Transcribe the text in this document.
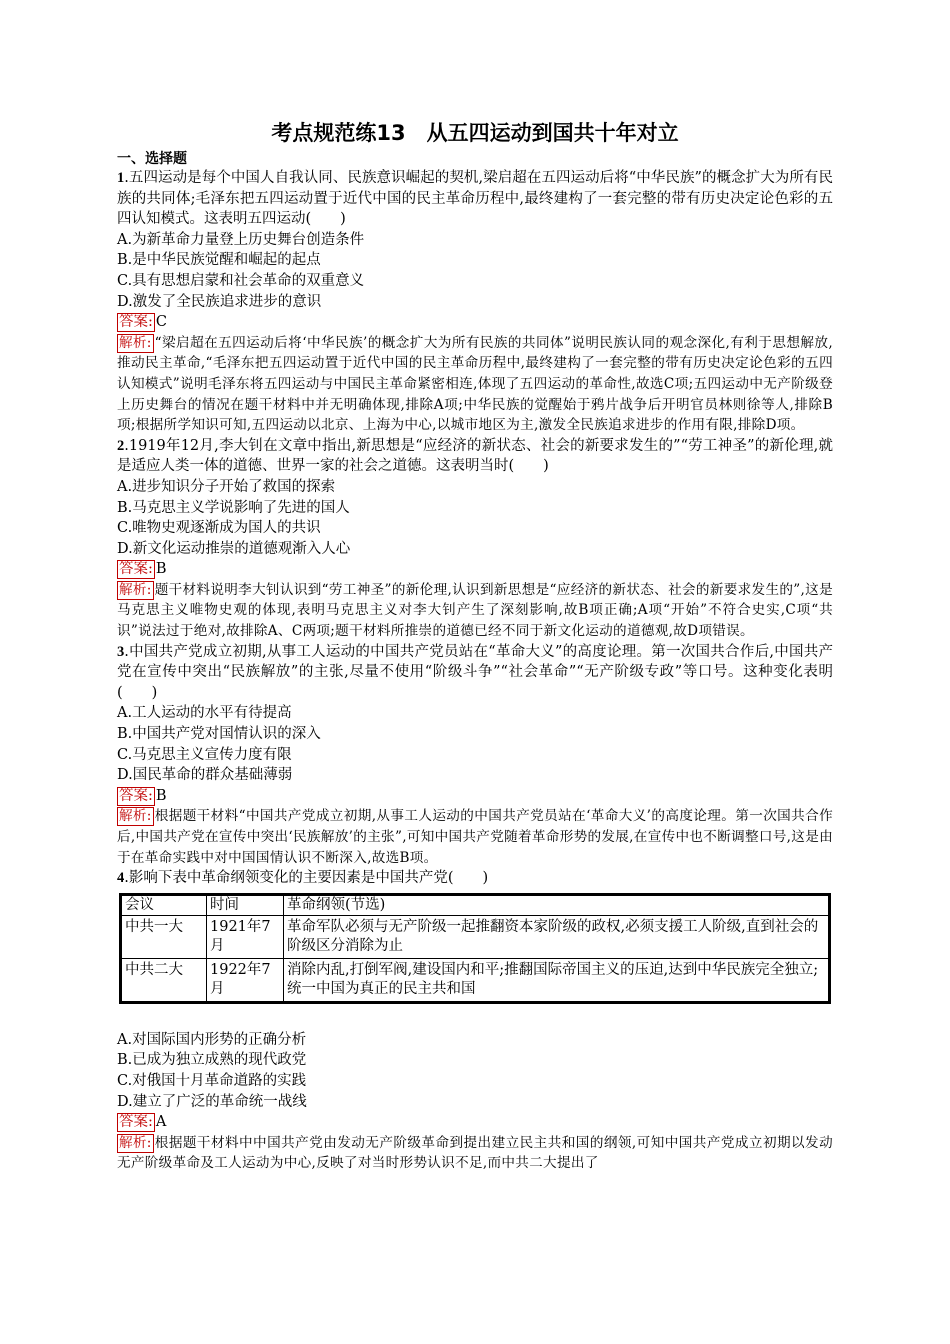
考点规范练13　从五四运动到国共十年对立
一、选择题
1.五四运动是每个中国人自我认同、民族意识崛起的契机,梁启超在五四运动后将“中华民族”的概念扩大为所有民族的共同体;毛泽东把五四运动置于近代中国的民主革命历程中,最终建构了一套完整的带有历史决定论色彩的五四认知模式。这表明五四运动(　　)
A.为新革命力量登上历史舞台创造条件
B.是中华民族觉醒和崛起的起点
C.具有思想启蒙和社会革命的双重意义
D.激发了全民族追求进步的意识
答案: C
解析: “梁启超在五四运动后将‘中华民族’的概念扩大为所有民族的共同体”说明民族认同的观念深化,有利于思想解放,推动民主革命,“毛泽东把五四运动置于近代中国的民主革命历程中,最终建构了一套完整的带有历史决定论色彩的五四认知模式”说明毛泽东将五四运动与中国民主革命紧密相连,体现了五四运动的革命性,故选C项;五四运动中无产阶级登上历史舞台的情况在题干材料中并无明确体现,排除A项;中华民族的觉醒始于鸦片战争后开明官员林则徐等人,排除B项;根据所学知识可知,五四运动以北京、上海为中心,以城市地区为主,激发全民族追求进步的作用有限,排除D项。
2.1919年12月,李大钊在文章中指出,新思想是“应经济的新状态、社会的新要求发生的”“劳工神圣”的新伦理,就是适应人类一体的道德、世界一家的社会之道德。这表明当时(　　)
A.进步知识分子开始了救国的探索
B.马克思主义学说影响了先进的国人
C.唯物史观逐渐成为国人的共识
D.新文化运动推崇的道德观渐入人心
答案: B
解析: 题干材料说明李大钊认识到“劳工神圣”的新伦理,认识到新思想是“应经济的新状态、社会的新要求发生的”,这是马克思主义唯物史观的体现,表明马克思主义对李大钊产生了深刻影响,故B项正确;A项“开始”不符合史实,C项“共识”说法过于绝对,故排除A、C两项;题干材料所推崇的道德已经不同于新文化运动的道德观,故D项错误。
3.中国共产党成立初期,从事工人运动的中国共产党员站在“革命大义”的高度论理。第一次国共合作后,中国共产党在宣传中突出“民族解放”的主张,尽量不使用“阶级斗争”“社会革命”“无产阶级专政”等口号。这种变化表明(　　)
A.工人运动的水平有待提高
B.中国共产党对国情认识的深入
C.马克思主义宣传力度有限
D.国民革命的群众基础薄弱
答案: B
解析: 根据题干材料“中国共产党成立初期,从事工人运动的中国共产党员站在‘革命大义’的高度论理。第一次国共合作后,中国共产党在宣传中突出‘民族解放’的主张”,可知中国共产党随着革命形势的发展,在宣传中也不断调整口号,这是由于在革命实践中对中国国情认识不断深入,故选B项。
4.影响下表中革命纲领变化的主要因素是中国共产党(　　)
会议	时间	革命纲领(节选)
中共一大	1921年7月	革命军队必须与无产阶级一起推翻资本家阶级的政权,必须支援工人阶级,直到社会的阶级区分消除为止
中共二大	1922年7月	消除内乱,打倒军阀,建设国内和平;推翻国际帝国主义的压迫,达到中华民族完全独立;统一中国为真正的民主共和国
A.对国际国内形势的正确分析
B.已成为独立成熟的现代政党
C.对俄国十月革命道路的实践
D.建立了广泛的革命统一战线
答案: A
解析: 根据题干材料中中国共产党由发动无产阶级革命到提出建立民主共和国的纲领,可知中国共产党成立初期以发动无产阶级革命及工人运动为中心,反映了对当时形势认识不足,而中共二大提出了
